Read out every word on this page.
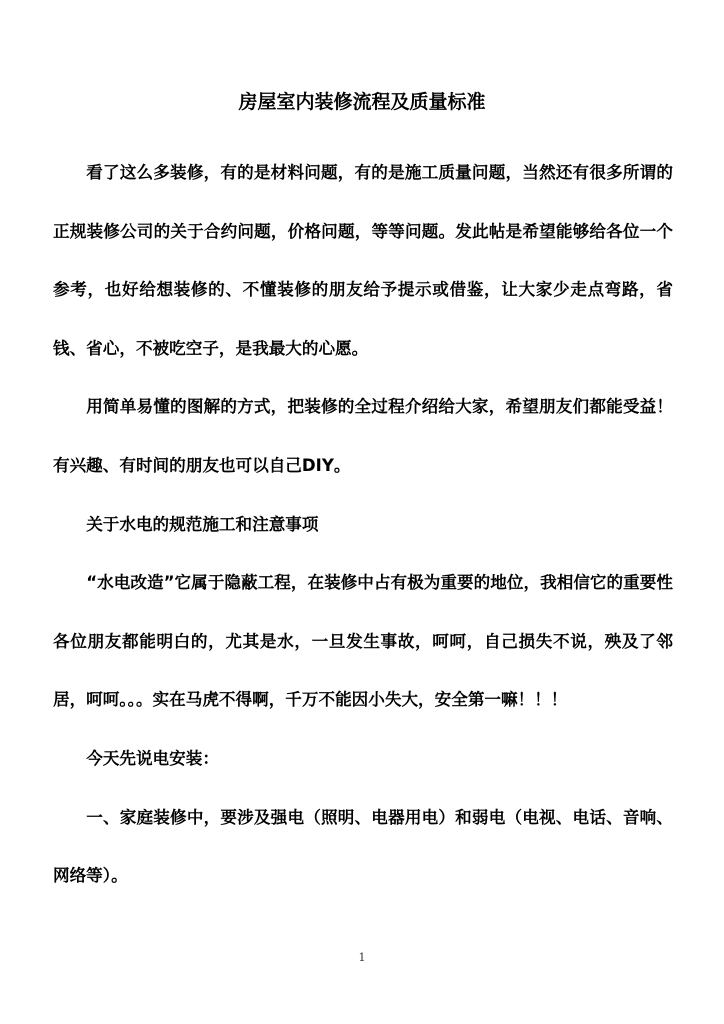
房屋室内装修流程及质量标准

看了这么多装修，有的是材料问题，有的是施工质量问题，当然还有很多所谓的正规装修公司的关于合约问题，价格问题，等等问题。发此帖是希望能够给各位一个参考，也好给想装修的、不懂装修的朋友给予提示或借鉴，让大家少走点弯路，省钱、省心，不被吃空子，是我最大的心愿。

用简单易懂的图解的方式，把装修的全过程介绍给大家，希望朋友们都能受益！有兴趣、有时间的朋友也可以自己DIY。

关于水电的规范施工和注意事项

“水电改造”它属于隐蔽工程，在装修中占有极为重要的地位，我相信它的重要性各位朋友都能明白的，尤其是水，一旦发生事故，呵呵，自己损失不说，殃及了邻居，呵呵。。。实在马虎不得啊，千万不能因小失大，安全第一嘛！！！

今天先说电安装：

一、家庭装修中，要涉及强电（照明、电器用电）和弱电（电视、电话、音响、网络等）。

1
